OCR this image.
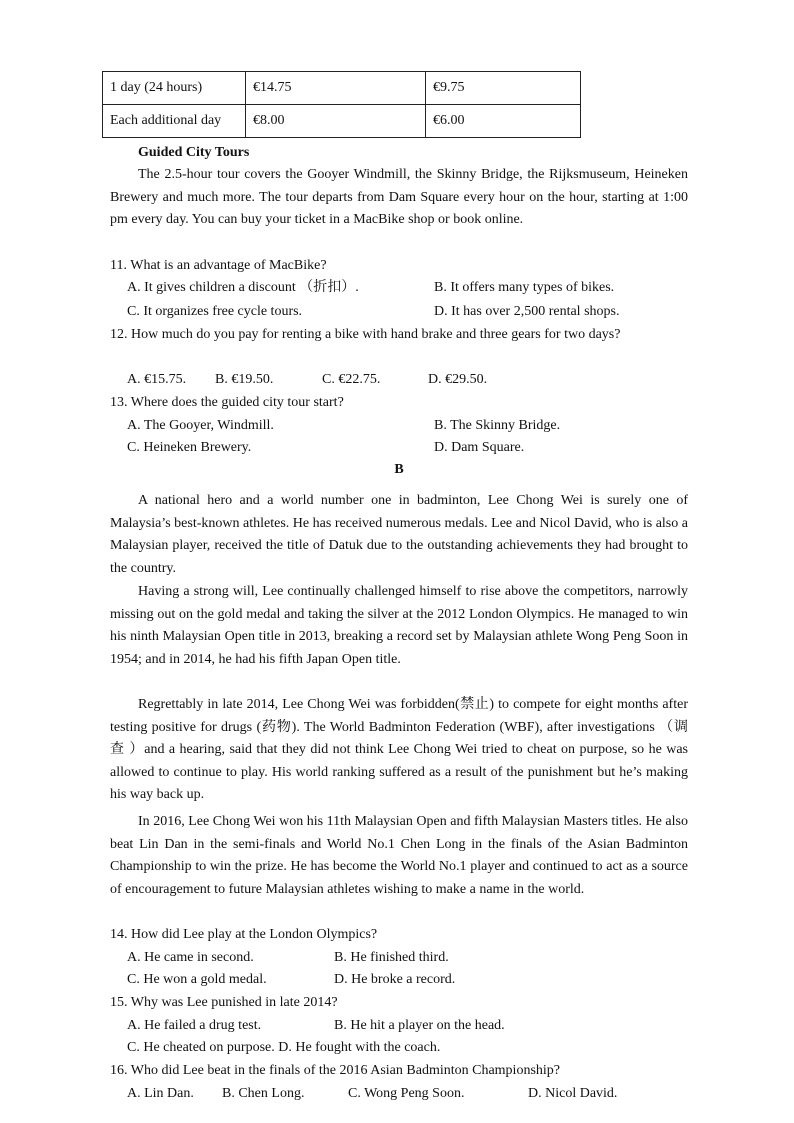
1 day (24 hours)	€14.75	€9.75
Each additional day	€8.00	€6.00
Guided City Tours
The 2.5-hour tour covers the Gooyer Windmill, the Skinny Bridge, the Rijksmuseum, Heineken Brewery and much more. The tour departs from Dam Square every hour on the hour, starting at 1:00 pm every day. You can buy your ticket in a MacBike shop or book online.
11. What is an advantage of MacBike?
A. It gives children a discount （折扣）.	B. It offers many types of bikes.
C. It organizes free cycle tours.	D. It has over 2,500 rental shops.
12. How much do you pay for renting a bike with hand brake and three gears for two days?
A. €15.75. B. €19.50.	C. €22.75.	D. €29.50.
13. Where does the guided city tour start?
A. The Gooyer, Windmill.	B. The Skinny Bridge.
C. Heineken Brewery.	D. Dam Square.
B
A national hero and a world number one in badminton, Lee Chong Wei is surely one of Malaysia’s best-known athletes. He has received numerous medals. Lee and Nicol David, who is also a Malaysian player, received the title of Datuk due to the outstanding achievements they had brought to the country.
Having a strong will, Lee continually challenged himself to rise above the competitors, narrowly missing out on the gold medal and taking the silver at the 2012 London Olympics. He managed to win his ninth Malaysian Open title in 2013, breaking a record set by Malaysian athlete Wong Peng Soon in 1954; and in 2014, he had his fifth Japan Open title.
Regrettably in late 2014, Lee Chong Wei was forbidden(禁止) to compete for eight months after testing positive for drugs (药物). The World Badminton Federation (WBF), after investigations （调 查 ）and a hearing, said that they did not think Lee Chong Wei tried to cheat on purpose, so he was allowed to continue to play. His world ranking suffered as a result of the punishment but he’s making his way back up.
In 2016, Lee Chong Wei won his 11th Malaysian Open and fifth Malaysian Masters titles. He also beat Lin Dan in the semi-finals and World No.1 Chen Long in the finals of the Asian Badminton Championship to win the prize. He has become the World No.1 player and continued to act as a source of encouragement to future Malaysian athletes wishing to make a name in the world.
14. How did Lee play at the London Olympics?
A. He came in second.	B. He finished third.
C. He won a gold medal.	D. He broke a record.
15. Why was Lee punished in late 2014?
A. He failed a drug test.	B. He hit a player on the head.
C. He cheated on purpose. D. He fought with the coach.
16. Who did Lee beat in the finals of the 2016 Asian Badminton Championship?
A. Lin Dan. B. Chen Long.	C. Wong Peng Soon.	D. Nicol David.
